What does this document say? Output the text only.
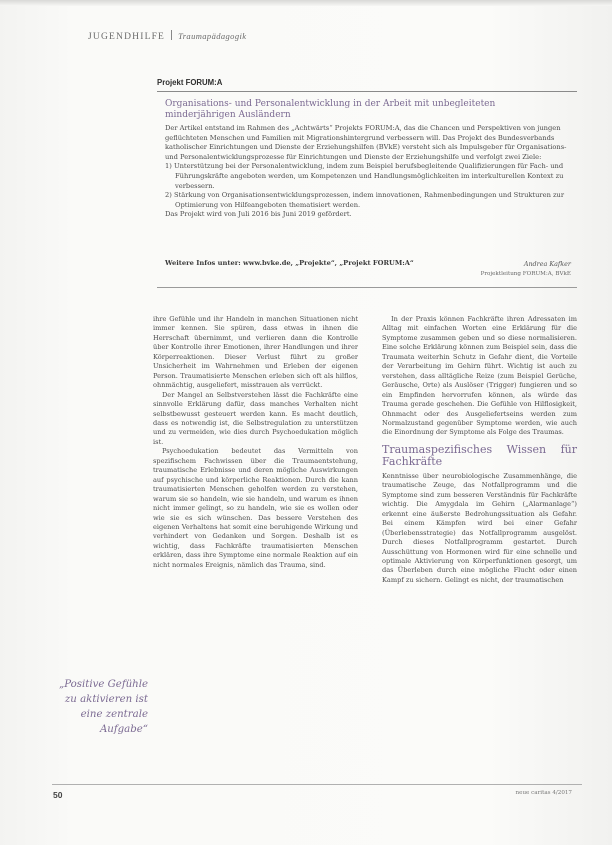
JUGENDHILFE Traumapädagogik
Projekt FORUM:A
Organisations- und Personalentwicklung in der Arbeit mit unbegleiteten minderjährigen Ausländern

Der Artikel entstand im Rahmen des „Achtwärts“ Projekts FORUM:A, das die Chancen und Perspektiven von jungen geflüchteten Menschen und Familien mit Migrationshintergrund verbessern will. Das Projekt des Bundesverbands katholischer Einrichtungen und Dienste der Erziehungshilfen (BVkE) versteht sich als Impulsgeber für Organisations- und Personalentwicklungsprozesse für Einrichtungen und Dienste der Erziehungshilfe und verfolgt zwei Ziele:

1) Unterstützung bei der Personalentwicklung, indem zum Beispiel berufsbegleitende Qualifizierungen für Fach- und Führungskräfte angeboten werden, um Kompetenzen und Handlungsmöglichkeiten im interkulturellen Kontext zu verbessern.

2) Stärkung von Organisationsentwicklungsprozessen, indem innovationen, Rahmenbedingungen und Strukturen zur Optimierung von Hilfeangeboten thematisiert werden.

Das Projekt wird von Juli 2016 bis Juni 2019 gefördert.

Weitere Infos unter: www.bvke.de, „Projekte“, „Projekt FORUM:A“	Andrea Kafker
Projektleitung FORUM:A, BVkE

ihre Gefühle und ihr Handeln in manchen Situationen nicht immer kennen. Sie spüren, dass etwas in ihnen die Herrschaft übernimmt, und verlieren dann die Kontrolle über Kontrolle ihrer Emotionen, ihrer Handlungen und ihrer Körperreaktionen. Dieser Verlust führt zu großer Unsicherheit im Wahrnehmen und Erleben der eigenen Person. Traumatisierte Menschen erleben sich oft als hilflos, ohnmächtig, ausgeliefert, misstrauen als verrückt.

Der Mangel an Selbstverstehen lässt die Fachkräfte eine sinnvolle Erklärung dafür, dass manches Verhalten nicht selbstbewusst gesteuert werden kann. Es macht deutlich, dass es notwendig ist, die Selbstregulation zu unterstützen und zu vermeiden, wie dies durch Psychoedukation möglich ist.

Psychoedukation bedeutet das Vermitteln von spezifischem Fachwissen über die Traumaentstehung, traumatische Erlebnisse und deren mögliche Auswirkungen auf psychische und körperliche Reaktionen. Durch die kann traumatisierten Menschen geholfen werden zu verstehen, warum sie so handeln, wie sie handeln, und warum es ihnen nicht immer gelingt, so zu handeln, wie sie es wollen oder wie sie es sich wünschen. Das bessere Verstehen des eigenen Verhaltens hat somit eine beruhigende Wirkung und verhindert von Gedanken und Sorgen. Deshalb ist es wichtig, dass Fachkräfte traumatisierten Menschen erklären, dass ihre Symptome eine normale Reaktion auf ein nicht normales Ereignis, nämlich das Trauma, sind.

In der Praxis können Fachkräfte ihren Adressaten im Alltag mit einfachen Worten eine Erklärung für die Symptome zusammen geben und so diese normalisieren. Eine solche Erklärung können zum Beispiel sein, dass die Traumata weiterhin Schutz in Gefahr dient, die Vorteile der Verarbeitung im Gehirn führt. Wichtig ist auch zu verstehen, dass alltägliche Reize (zum Beispiel Gerüche, Geräusche, Orte) als Auslöser (Trigger) fungieren und so ein Empfinden hervorrufen können, als würde das Trauma gerade geschehen. Die Gefühle von Hilflosigkeit, Ohnmacht oder des Ausgeliefertseins werden zum Normalzustand gegenüber Symptome werden, wie auch die Einordnung der Symptome als Folge des Traumas.

Traumaspezifisches Wissen für Fachkräfte

Kenntnisse über neurobiologische Zusammenhänge, die traumatische Zeuge, das Notfallprogramm und die Symptome sind zum besseren Verständnis für Fachkräfte wichtig. Die Amygdala im Gehirn („Alarmanlage“) erkennt eine äußerste Bedrohungssituation als Gefahr. Bei einem Kämpfen wird bei einer Gefahr (Überlebensstrategie) das Notfallprogramm ausgelöst. Durch dieses Notfallprogramm gestartet. Durch Ausschüttung von Hormonen wird für eine schnelle und optimale Aktivierung von Körperfunktionen gesorgt, um das Überleben durch eine mögliche Flucht oder einen Kampf zu sichern. Gelingt es nicht, der traumatischen

„Positive Gefühle zu aktivieren ist eine zentrale Aufgabe“
50	neue caritas 4/2017
